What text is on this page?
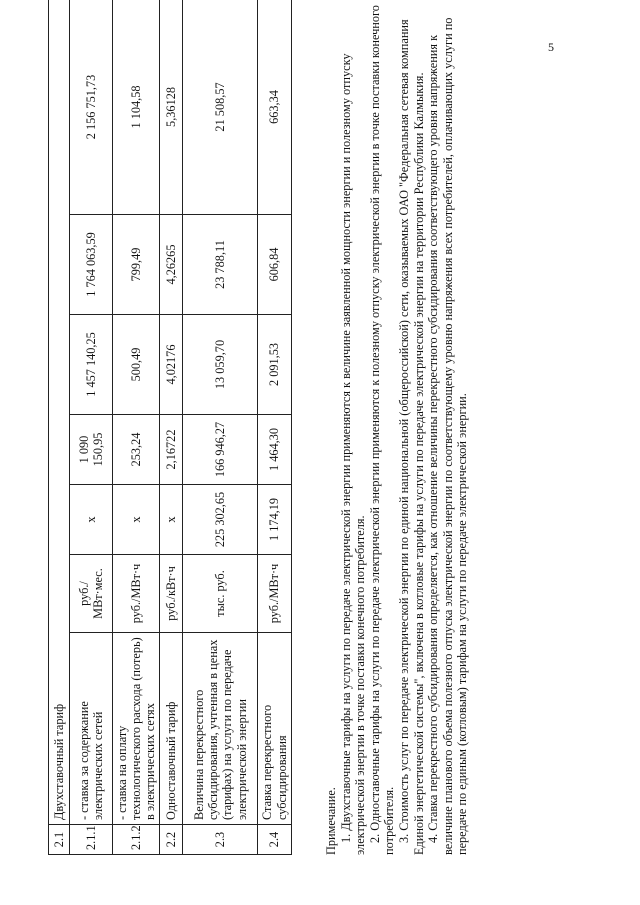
5
2.1	Двухставочный тариф						
2.1.1	- ставка за содержание электрических сетей	руб./МВт·мес.	x	1 090 150,95	1 457 140,25	1 764 063,59	2 156 751,73
2.1.2	- ставка на оплату технологического расхода (потерь) в электрических сетях	руб./МВт·ч	x	253,24	500,49	799,49	1 104,58
2.2	Одноставочный тариф	руб./кВт·ч	x	2,16722	4,02176	4,26265	5,36128
2.3	Величина перекрестного субсидирования, учтенная в ценах (тарифах) на услуги по передаче электрической энергии	тыс. руб.	225 302,65	166 946,27	13 059,70	23 788,11	21 508,57
2.4	Ставка перекрестного субсидирования	руб./МВт·ч	1 174,19	1 464,30	2 091,53	606,84	663,34

Примечание. 1. Двухставочные тарифы на услуги по передаче электрической энергии применяются к величине заявленной мощности энергии и полезному отпуску электрической энергии в точке поставки конечного потребителя. 2. Одноставочные тарифы на услуги по передаче электрической энергии применяются к полезному отпуску электрической энергии в точке поставки конечного потребителя. 3. Стоимость услуг по передаче электрической энергии по единой национальной (общероссийской) сети, оказываемых ОАО "Федеральная сетевая компания Единой энергетической системы", включена в котловые тарифы на услуги по передаче электрической энергии на территории Республики Калмыкия. 4. Ставка перекрестного субсидирования определяется, как отношение величины перекрестного субсидирования соответствующего уровня напряжения к величине планового объема полезного отпуска электрической энергии по соответствующему уровню напряжения всех потребителей, оплачивающих услуги по передаче по единым (котловым) тарифам на услуги по передаче электрической энергии.
